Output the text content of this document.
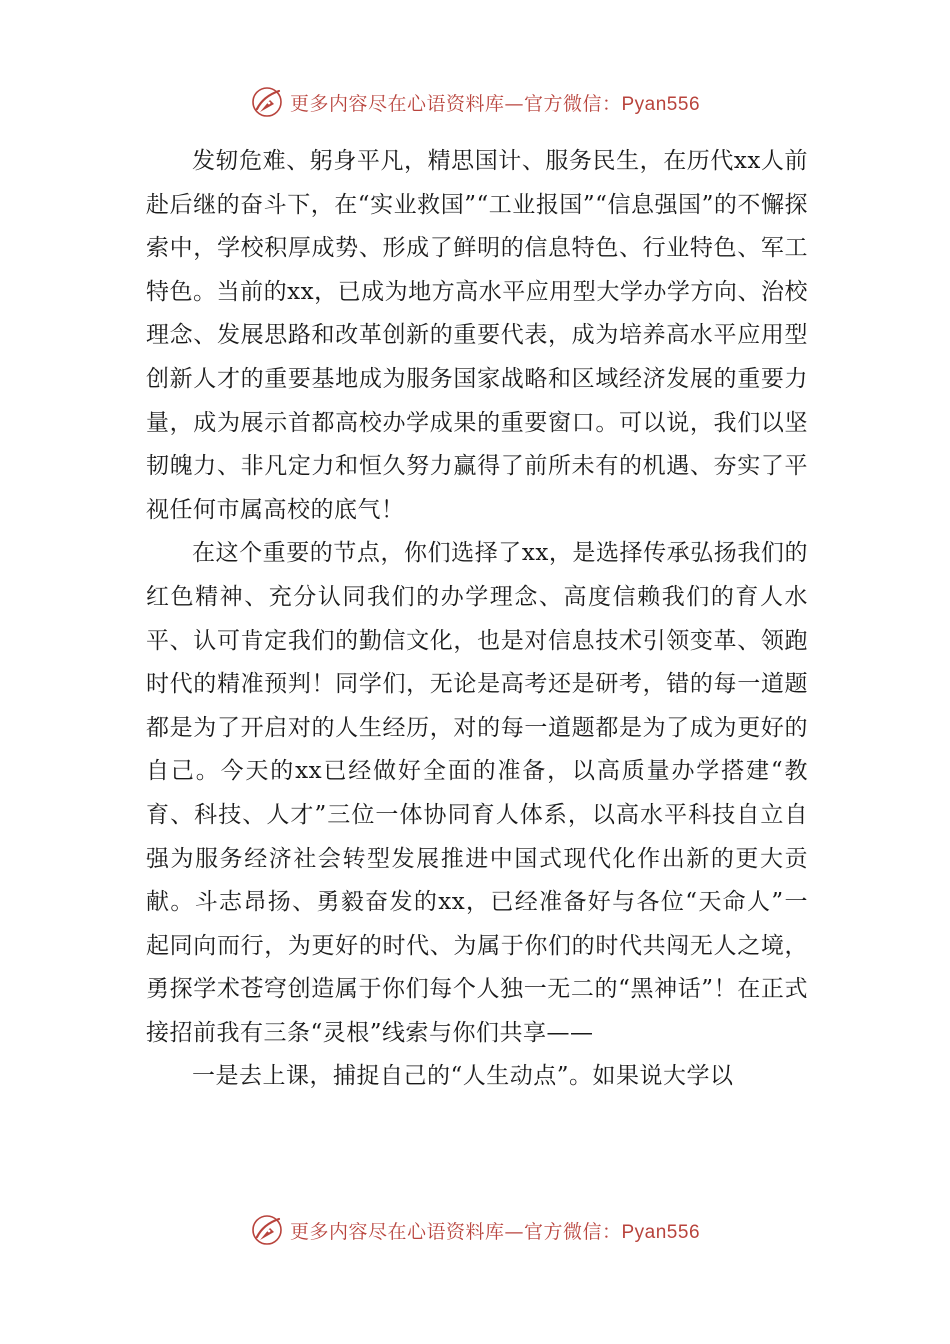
更多内容尽在心语资料库—官方微信：Pyan556

发轫危难、躬身平凡，精思国计、服务民生，在历代xx人前赴后继的奋斗下，在“实业救国”“工业报国”“信息强国”的不懈探索中，学校积厚成势、形成了鲜明的信息特色、行业特色、军工特色。当前的xx，已成为地方高水平应用型大学办学方向、治校理念、发展思路和改革创新的重要代表，成为培养高水平应用型创新人才的重要基地成为服务国家战略和区域经济发展的重要力量，成为展示首都高校办学成果的重要窗口。可以说，我们以坚韧魄力、非凡定力和恒久努力赢得了前所未有的机遇、夯实了平视任何市属高校的底气！

在这个重要的节点，你们选择了xx，是选择传承弘扬我们的红色精神、充分认同我们的办学理念、高度信赖我们的育人水平、认可肯定我们的勤信文化，也是对信息技术引领变革、领跑时代的精准预判！同学们，无论是高考还是研考，错的每一道题都是为了开启对的人生经历，对的每一道题都是为了成为更好的自己。今天的xx已经做好全面的准备，以高质量办学搭建“教育、科技、人才”三位一体协同育人体系，以高水平科技自立自强为服务经济社会转型发展推进中国式现代化作出新的更大贡献。斗志昂扬、勇毅奋发的xx，已经准备好与各位“天命人”一起同向而行，为更好的时代、为属于你们的时代共闯无人之境，勇探学术苍穹创造属于你们每个人独一无二的“黑神话”！在正式接招前我有三条“灵根”线索与你们共享——

一是去上课，捕捉自己的“人生动点”。如果说大学以

更多内容尽在心语资料库—官方微信：Pyan556
